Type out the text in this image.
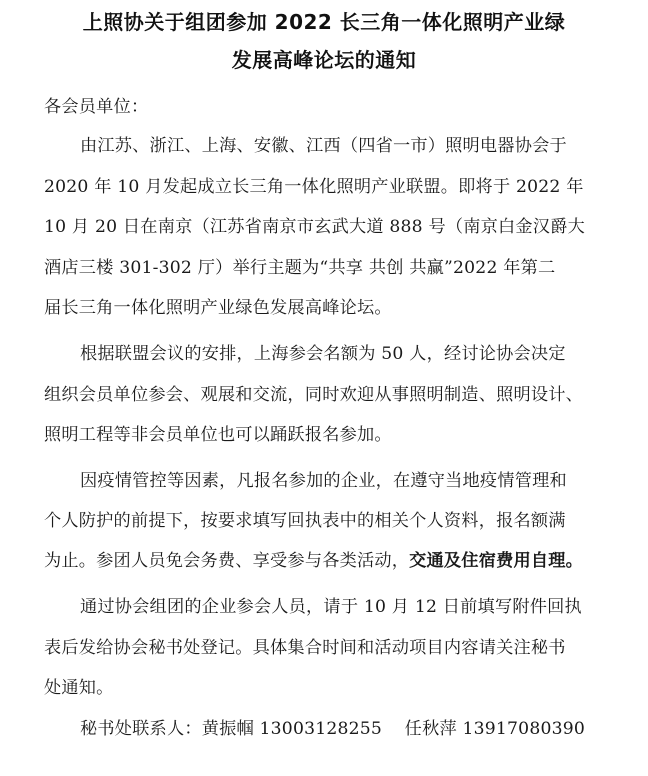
上照协关于组团参加 2022 长三角一体化照明产业绿
发展高峰论坛的通知
各会员单位：
由江苏、浙江、上海、安徽、江西（四省一市）照明电器协会于
2020 年 10 月发起成立长三角一体化照明产业联盟。即将于 2022 年
10 月 20 日在南京（江苏省南京市玄武大道 888 号（南京白金汉爵大
酒店三楼 301-302 厅）举行主题为“共享 共创 共赢”2022 年第二
届长三角一体化照明产业绿色发展高峰论坛。
根据联盟会议的安排，上海参会名额为 50 人，经讨论协会决定
组织会员单位参会、观展和交流，同时欢迎从事照明制造、照明设计、
照明工程等非会员单位也可以踊跃报名参加。
因疫情管控等因素，凡报名参加的企业，在遵守当地疫情管理和
个人防护的前提下，按要求填写回执表中的相关个人资料，报名额满
为止。参团人员免会务费、享受参与各类活动，交通及住宿费用自理。
通过协会组团的企业参会人员，请于 10 月 12 日前填写附件回执
表后发给协会秘书处登记。具体集合时间和活动项目内容请关注秘书
处通知。
秘书处联系人：黄振帼 13003128255    任秋萍 13917080390
